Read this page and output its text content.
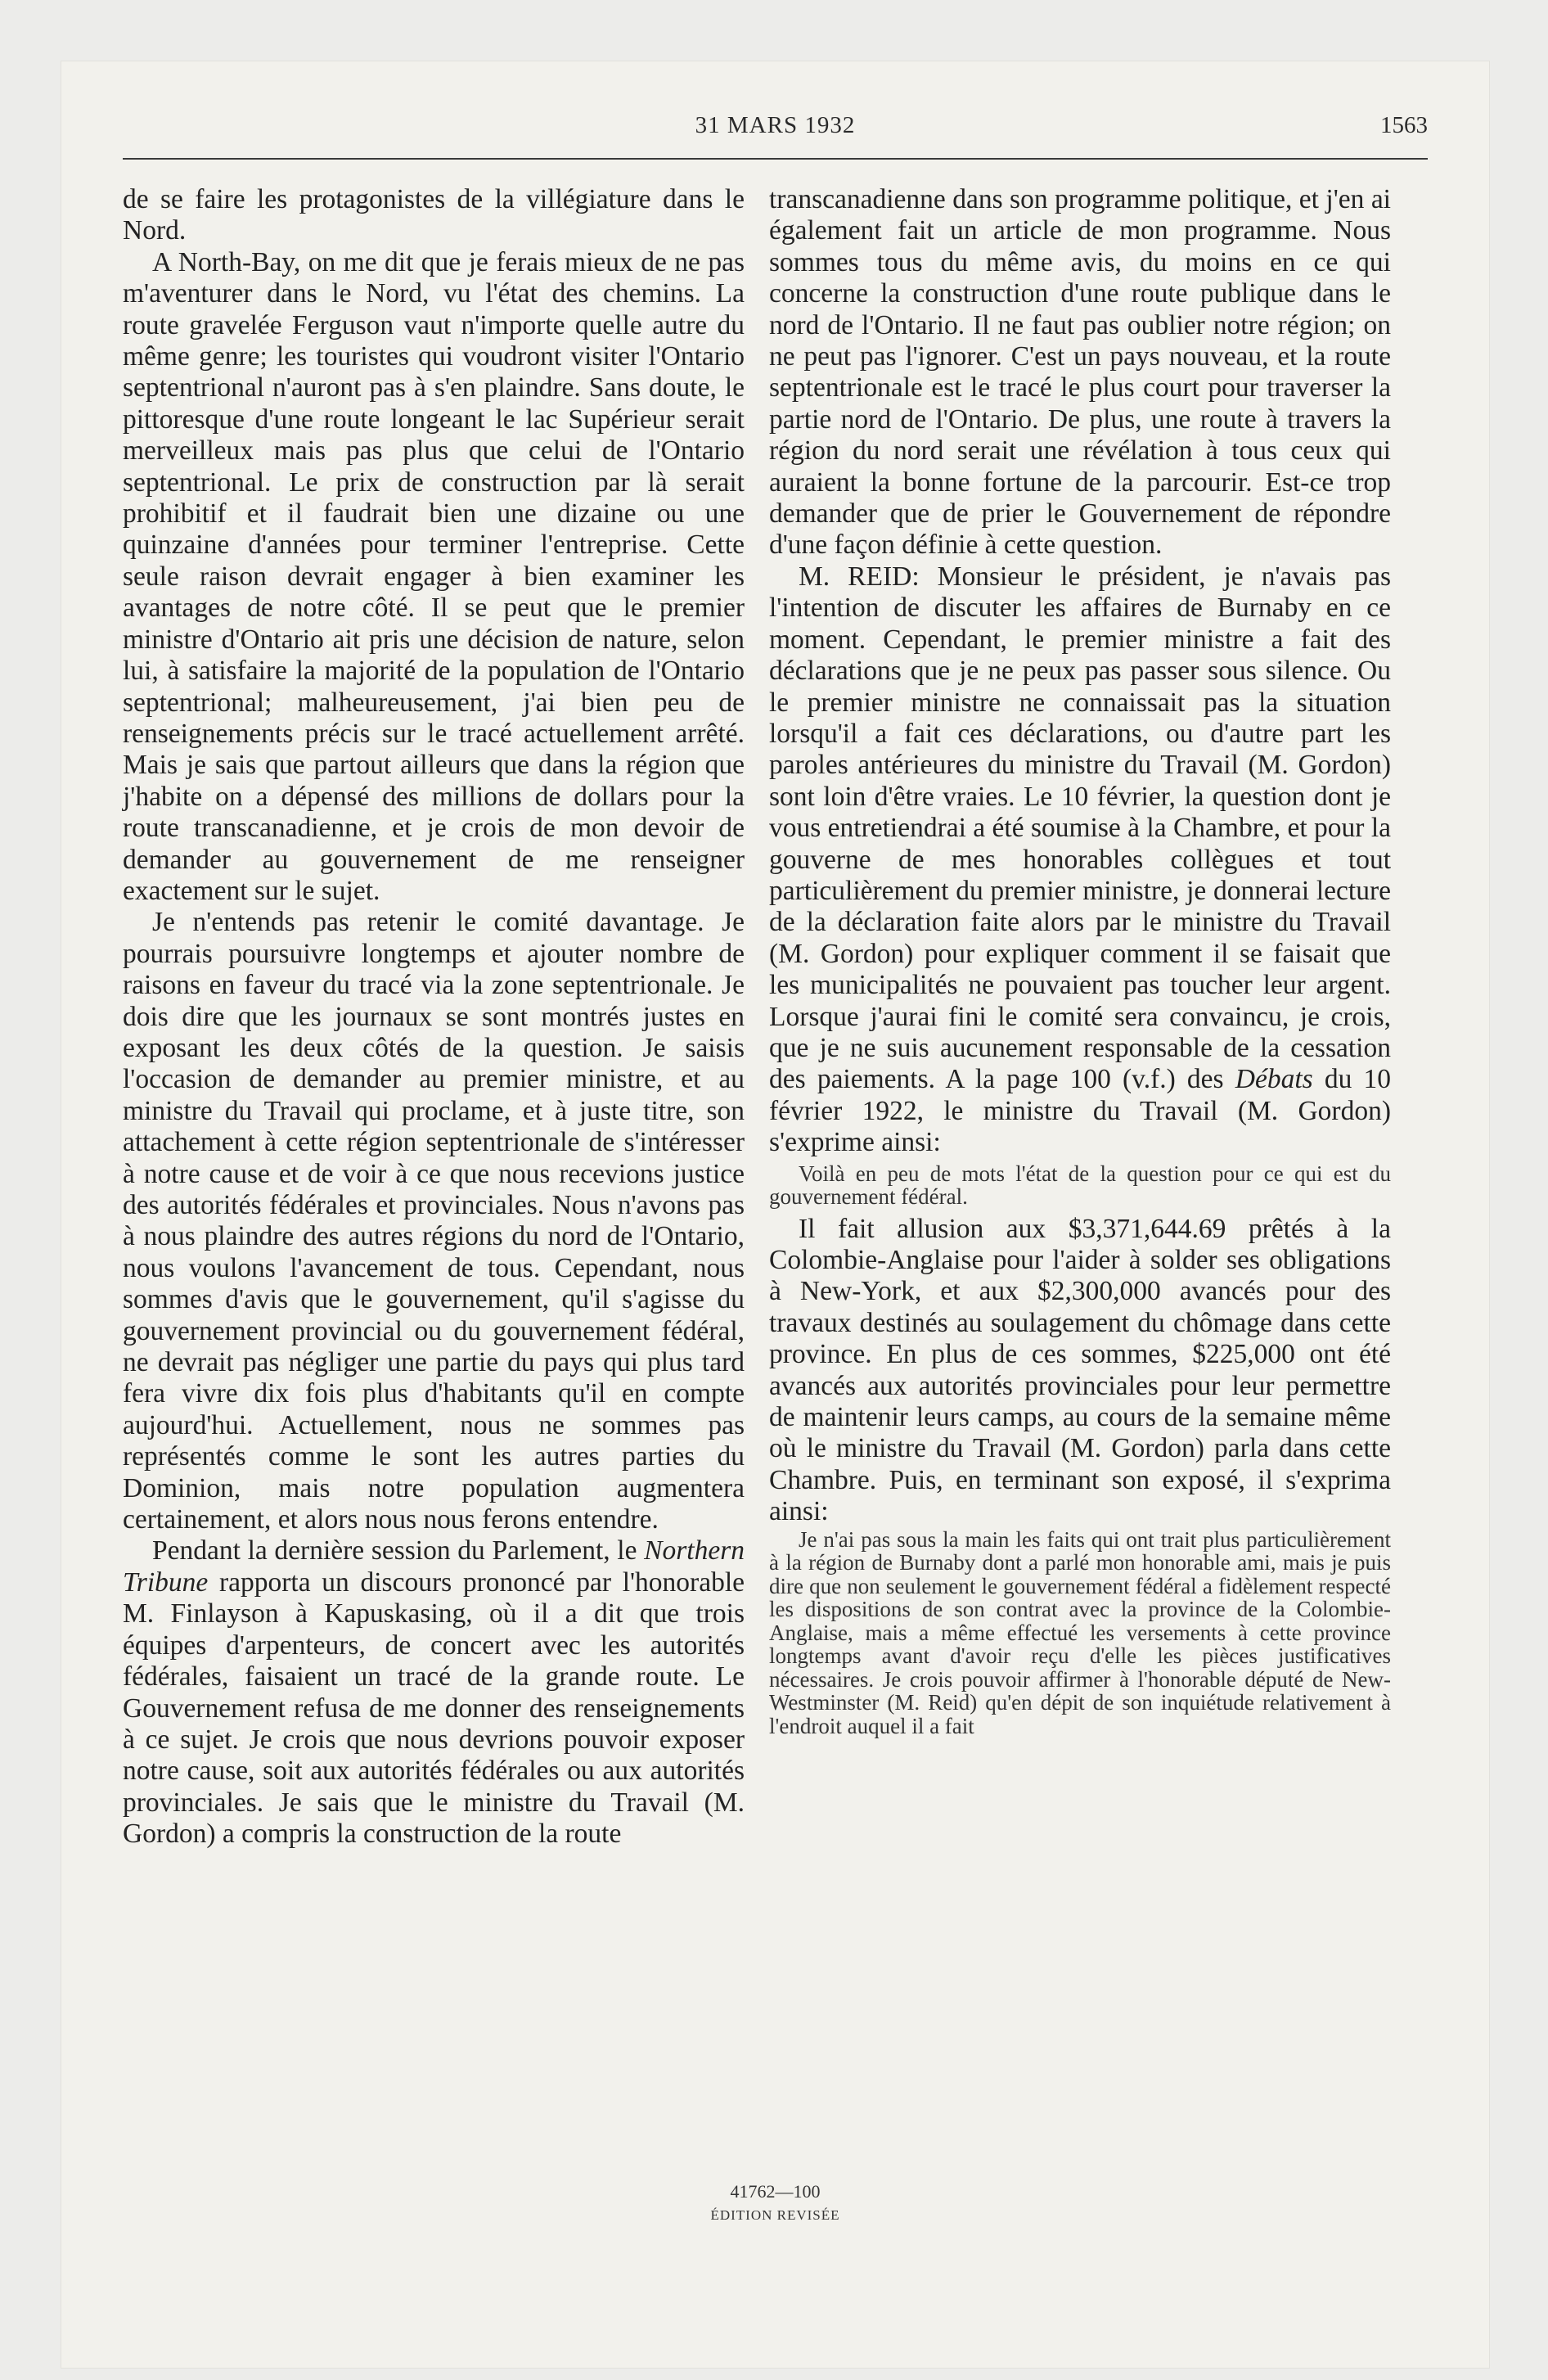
31 MARS 1932	1563

de se faire les protagonistes de la villégiature dans le Nord.

A North-Bay, on me dit que je ferais mieux de ne pas m'aventurer dans le Nord, vu l'état des chemins. La route gravelée Ferguson vaut n'importe quelle autre du même genre; les touristes qui voudront visiter l'Ontario septentrional n'auront pas à s'en plaindre. Sans doute, le pittoresque d'une route longeant le lac Supérieur serait merveilleux mais pas plus que celui de l'Ontario septentrional. Le prix de construction par là serait prohibitif et il faudrait bien une dizaine ou une quinzaine d'années pour terminer l'entreprise. Cette seule raison devrait engager à bien examiner les avantages de notre côté. Il se peut que le premier ministre d'Ontario ait pris une décision de nature, selon lui, à satisfaire la majorité de la population de l'Ontario septentrional; malheureusement, j'ai bien peu de renseignements précis sur le tracé actuellement arrêté. Mais je sais que partout ailleurs que dans la région que j'habite on a dépensé des millions de dollars pour la route transcanadienne, et je crois de mon devoir de demander au gouvernement de me renseigner exactement sur le sujet.

Je n'entends pas retenir le comité davantage. Je pourrais poursuivre longtemps et ajouter nombre de raisons en faveur du tracé via la zone septentrionale. Je dois dire que les journaux se sont montrés justes en exposant les deux côtés de la question. Je saisis l'occasion de demander au premier ministre, et au ministre du Travail qui proclame, et à juste titre, son attachement à cette région septentrionale de s'intéresser à notre cause et de voir à ce que nous recevions justice des autorités fédérales et provinciales. Nous n'avons pas à nous plaindre des autres régions du nord de l'Ontario, nous voulons l'avancement de tous. Cependant, nous sommes d'avis que le gouvernement, qu'il s'agisse du gouvernement provincial ou du gouvernement fédéral, ne devrait pas négliger une partie du pays qui plus tard fera vivre dix fois plus d'habitants qu'il en compte aujourd'hui. Actuellement, nous ne sommes pas représentés comme le sont les autres parties du Dominion, mais notre population augmentera certainement, et alors nous nous ferons entendre.

Pendant la dernière session du Parlement, le Northern Tribune rapporta un discours prononcé par l'honorable M. Finlayson à Kapuskasing, où il a dit que trois équipes d'arpenteurs, de concert avec les autorités fédérales, faisaient un tracé de la grande route. Le Gouvernement refusa de me donner des renseignements à ce sujet. Je crois que nous devrions pouvoir exposer notre cause, soit aux autorités fédérales ou aux autorités provinciales. Je sais que le ministre du Travail (M. Gordon) a compris la construction de la route

transcanadienne dans son programme politique, et j'en ai également fait un article de mon programme. Nous sommes tous du même avis, du moins en ce qui concerne la construction d'une route publique dans le nord de l'Ontario. Il ne faut pas oublier notre région; on ne peut pas l'ignorer. C'est un pays nouveau, et la route septentrionale est le tracé le plus court pour traverser la partie nord de l'Ontario. De plus, une route à travers la région du nord serait une révélation à tous ceux qui auraient la bonne fortune de la parcourir. Est-ce trop demander que de prier le Gouvernement de répondre d'une façon définie à cette question.

M. REID: Monsieur le président, je n'avais pas l'intention de discuter les affaires de Burnaby en ce moment. Cependant, le premier ministre a fait des déclarations que je ne peux pas passer sous silence. Ou le premier ministre ne connaissait pas la situation lorsqu'il a fait ces déclarations, ou d'autre part les paroles antérieures du ministre du Travail (M. Gordon) sont loin d'être vraies. Le 10 février, la question dont je vous entretiendrai a été soumise à la Chambre, et pour la gouverne de mes honorables collègues et tout particulièrement du premier ministre, je donnerai lecture de la déclaration faite alors par le ministre du Travail (M. Gordon) pour expliquer comment il se faisait que les municipalités ne pouvaient pas toucher leur argent. Lorsque j'aurai fini le comité sera convaincu, je crois, que je ne suis aucunement responsable de la cessation des paiements. A la page 100 (v.f.) des Débats du 10 février 1922, le ministre du Travail (M. Gordon) s'exprime ainsi:

Voilà en peu de mots l'état de la question pour ce qui est du gouvernement fédéral.

Il fait allusion aux $3,371,644.69 prêtés à la Colombie-Anglaise pour l'aider à solder ses obligations à New-York, et aux $2,300,000 avancés pour des travaux destinés au soulagement du chômage dans cette province. En plus de ces sommes, $225,000 ont été avancés aux autorités provinciales pour leur permettre de maintenir leurs camps, au cours de la semaine même où le ministre du Travail (M. Gordon) parla dans cette Chambre. Puis, en terminant son exposé, il s'exprima ainsi:

Je n'ai pas sous la main les faits qui ont trait plus particulièrement à la région de Burnaby dont a parlé mon honorable ami, mais je puis dire que non seulement le gouvernement fédéral a fidèlement respecté les dispositions de son contrat avec la province de la Colombie-Anglaise, mais a même effectué les versements à cette province longtemps avant d'avoir reçu d'elle les pièces justificatives nécessaires. Je crois pouvoir affirmer à l'honorable député de New-Westminster (M. Reid) qu'en dépit de son inquiétude relativement à l'endroit auquel il a fait

41762—100
ÉDITION REVISÉE
